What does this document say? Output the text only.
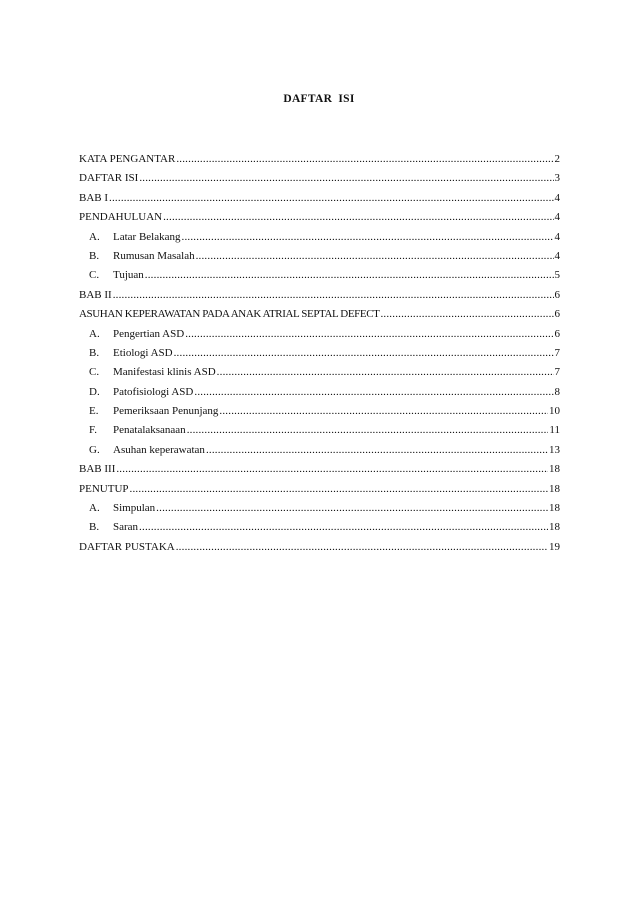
DAFTAR ISI
KATA PENGANTAR .....	2
DAFTAR ISI .....	3
BAB I .....	4
PENDAHULUAN .....	4
A.	Latar Belakang .....	4
B.	Rumusan Masalah .....	4
C.	Tujuan .....	5
BAB II .....	6
ASUHAN KEPERAWATAN PADA ANAK ATRIAL SEPTAL DEFECT .....	6
A.	Pengertian ASD .....	6
B.	Etiologi ASD .....	7
C.	Manifestasi klinis ASD .....	7
D.	Patofisiologi ASD .....	8
E.	Pemeriksaan Penunjang .....	10
F.	Penatalaksanaan .....	11
G.	Asuhan keperawatan .....	13
BAB III .....	18
PENUTUP .....	18
A.	Simpulan .....	18
B.	Saran .....	18
DAFTAR PUSTAKA .....	19
